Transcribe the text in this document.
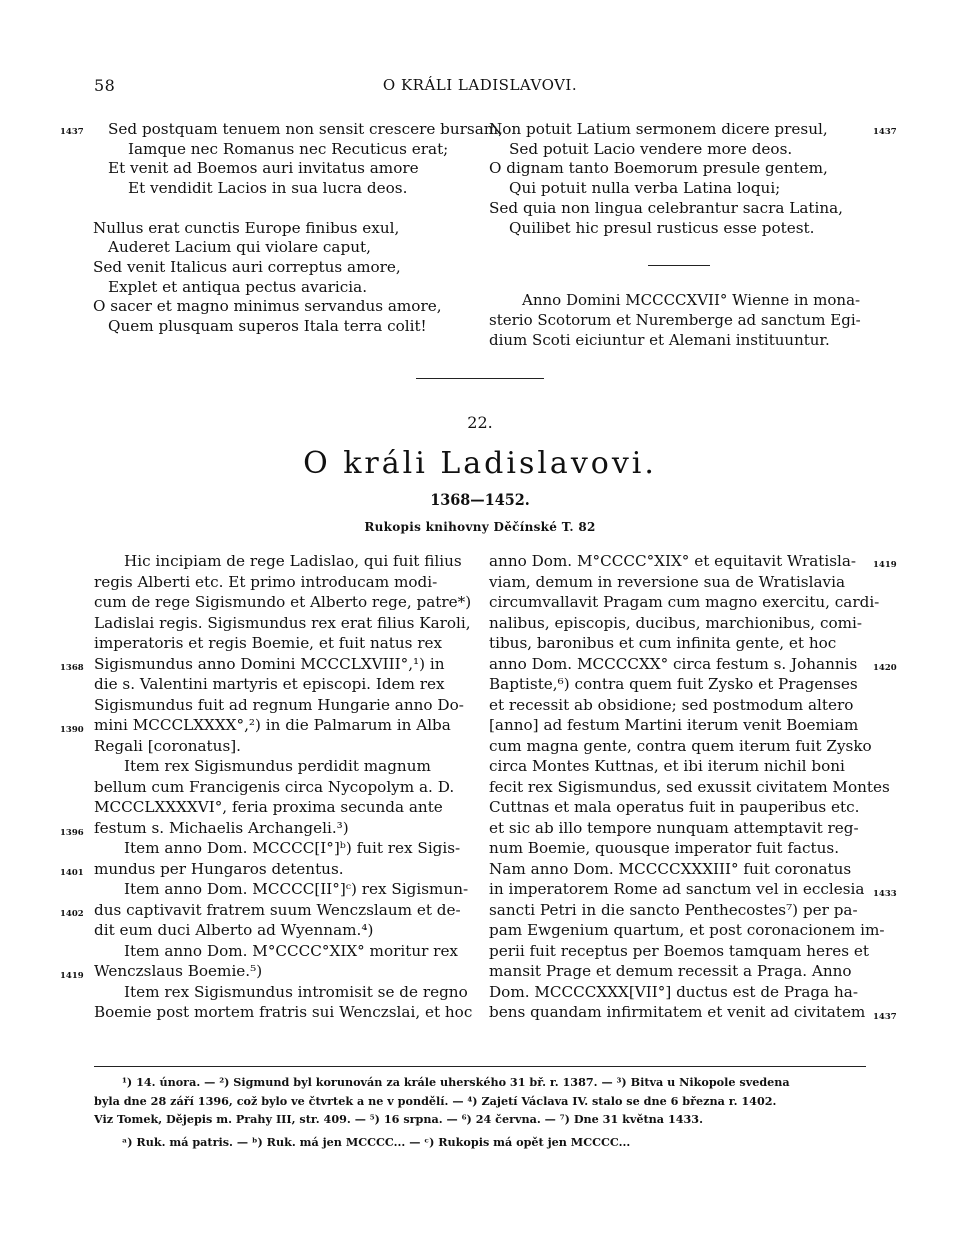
58	O KRÁLI LADISLAVOVI.
1437	1437
Sed postquam tenuem non sensit crescere bursam,
Iamque nec Romanus nec Recuticus erat;
Et venit ad Boemos auri invitatus amore
Et vendidit Lacios in sua lucra deos.
Nullus erat cunctis Europe finibus exul,
Auderet Lacium qui violare caput,
Sed venit Italicus auri correptus amore,
Explet et antiqua pectus avaricia.
O sacer et magno minimus servandus amore,
Quem plusquam superos Itala terra colit!
Non potuit Latium sermonem dicere presul,
Sed potuit Lacio vendere more deos.
O dignam tanto Boemorum presule gentem,
Qui potuit nulla verba Latina loqui;
Sed quia non lingua celebrantur sacra Latina,
Quilibet hic presul rusticus esse potest.
Anno Domini MCCCCXVII° Wienne in mona-
sterio Scotorum et Nuremberge ad sanctum Egi-
dium Scoti eiciuntur et Alemani instituuntur.
22.
O králi Ladislavovi.
1368—1452.
Rukopis knihovny Děčínské T. 82
Hic incipiam de rege Ladislao, qui fuit filius
regis Alberti etc. Et primo introducam modi-
cum de rege Sigismundo et Alberto rege, patre*)
Ladislai regis. Sigismundus rex erat filius Karoli,
imperatoris et regis Boemie, et fuit natus rex
Sigismundus anno Domini MCCCLXVIII°,¹) in
die s. Valentini martyris et episcopi. Idem rex
Sigismundus fuit ad regnum Hungarie anno Do-
mini MCCCLXXXX°,²) in die Palmarum in Alba
Regali [coronatus].
Item rex Sigismundus perdidit magnum
bellum cum Francigenis circa Nycopolym a. D.
MCCCLXXXXVI°, feria proxima secunda ante
festum s. Michaelis Archangeli.³)
Item anno Dom. MCCCC[I°]ᵇ) fuit rex Sigis-
mundus per Hungaros detentus.
Item anno Dom. MCCCC[II°]ᶜ) rex Sigismun-
dus captivavit fratrem suum Wenczslaum et de-
dit eum duci Alberto ad Wyennam.⁴)
Item anno Dom. M°CCCC°XIX° moritur rex
Wenczslaus Boemie.⁵)
Item rex Sigismundus intromisit se de regno
Boemie post mortem fratris sui Wenczslai, et hoc
1368
1390
1396
1401
1402
1419
anno Dom. M°CCCC°XIX° et equitavit Wratisla-
viam, demum in reversione sua de Wratislavia
circumvallavit Pragam cum magno exercitu, cardi-
nalibus, episcopis, ducibus, marchionibus, comi-
tibus, baronibus et cum infinita gente, et hoc
anno Dom. MCCCCXX° circa festum s. Johannis
Baptiste,⁶) contra quem fuit Zysko et Pragenses
et recessit ab obsidione; sed postmodum altero
[anno] ad festum Martini iterum venit Boemiam
cum magna gente, contra quem iterum fuit Zysko
circa Montes Kuttnas, et ibi iterum nichil boni
fecit rex Sigismundus, sed exussit civitatem Montes
Cuttnas et mala operatus fuit in pauperibus etc.
et sic ab illo tempore nunquam attemptavit reg-
num Boemie, quousque imperator fuit factus.
Nam anno Dom. MCCCCXXXIII° fuit coronatus
in imperatorem Rome ad sanctum vel in ecclesia
sancti Petri in die sancto Penthecostes⁷) per pa-
pam Ewgenium quartum, et post coronacionem im-
perii fuit receptus per Boemos tamquam heres et
mansit Prage et demum recessit a Praga. Anno
Dom. MCCCCXXX[VII°] ductus est de Praga ha-
bens quandam infirmitatem et venit ad civitatem
1419
1420
1433
1437
¹) 14. února. — ²) Sigmund byl korunován za krále uherského 31 bř. r. 1387. — ³) Bitva u Nikopole svedena
byla dne 28 září 1396, což bylo ve čtvrtek a ne v pondělí. — ⁴) Zajetí Václava IV. stalo se dne 6 března r. 1402.
Viz Tomek, Dějepis m. Prahy III, str. 409. — ⁵) 16 srpna. — ⁶) 24 června. — ⁷) Dne 31 května 1433.
ᵃ) Ruk. má patris. — ᵇ) Ruk. má jen MCCCC... — ᶜ) Rukopis má opět jen MCCCC...
